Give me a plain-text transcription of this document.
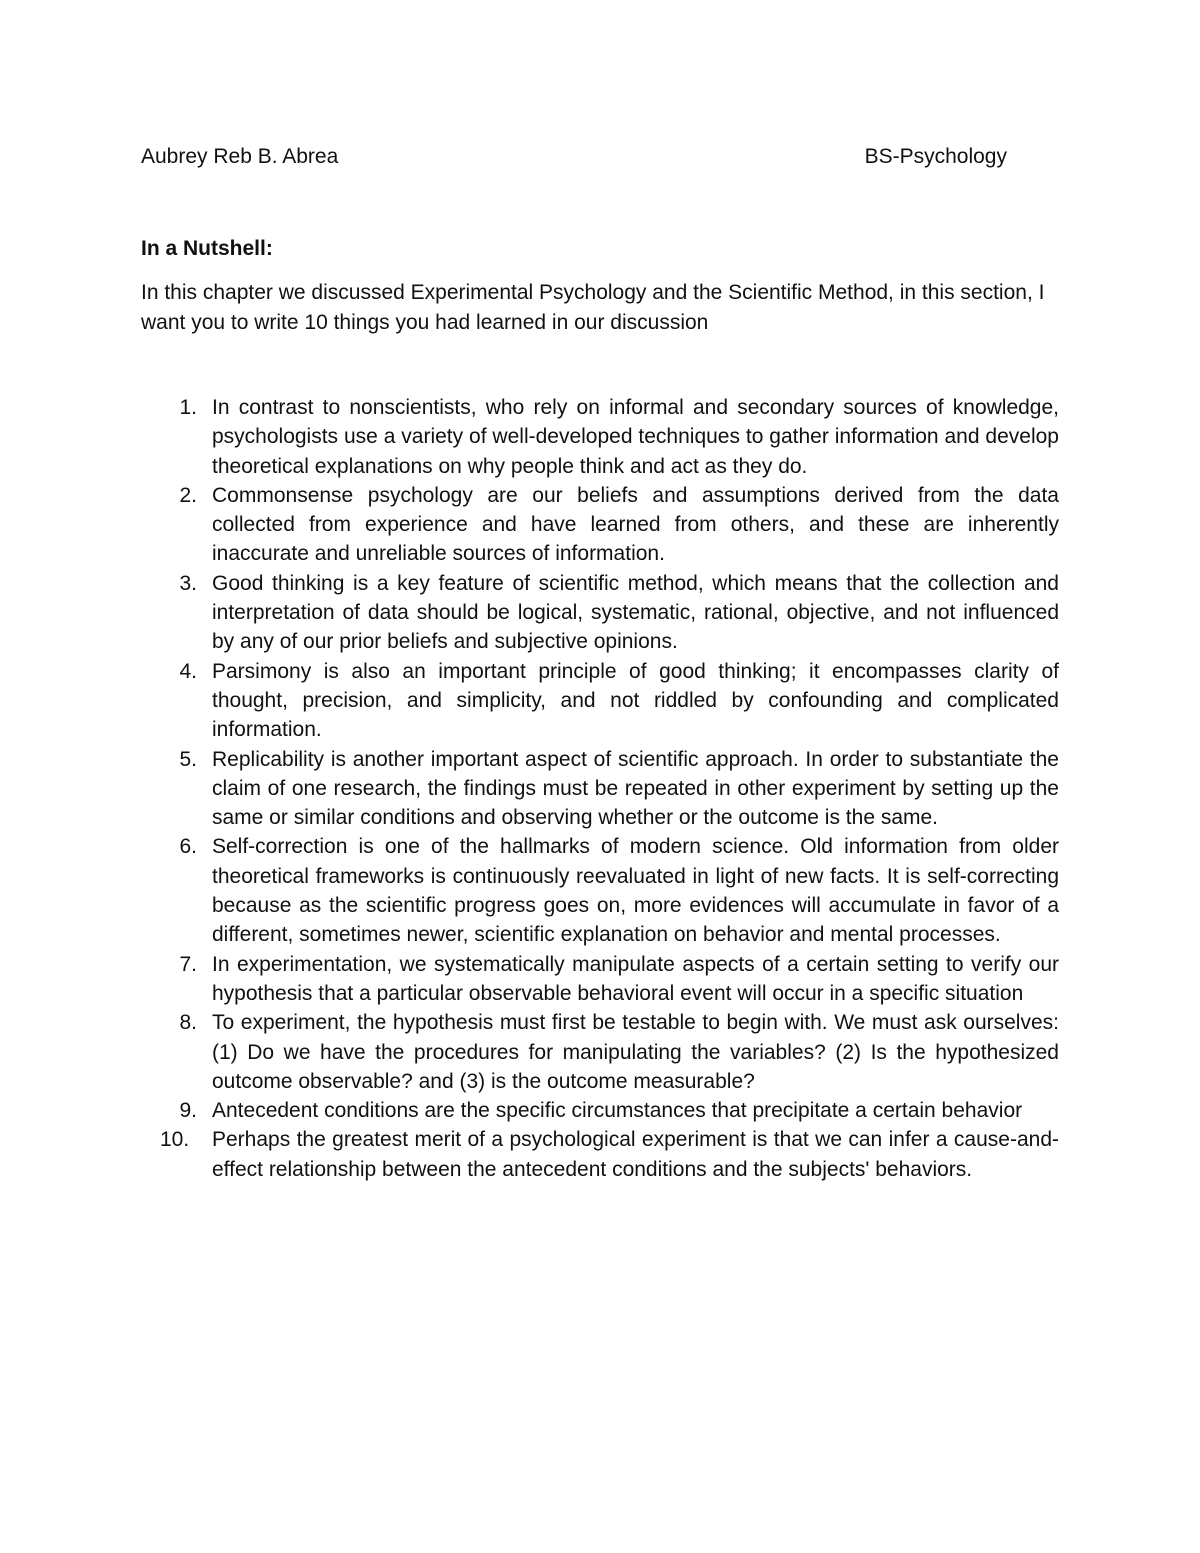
Aubrey Reb B. Abrea	BS-Psychology
In a Nutshell:

In this chapter we discussed Experimental Psychology and the Scientific Method, in this section, I want you to write 10 things you had learned in our discussion

1. In contrast to nonscientists, who rely on informal and secondary sources of knowledge, psychologists use a variety of well-developed techniques to gather information and develop theoretical explanations on why people think and act as they do.
2. Commonsense psychology are our beliefs and assumptions derived from the data collected from experience and have learned from others, and these are inherently inaccurate and unreliable sources of information.
3. Good thinking is a key feature of scientific method, which means that the collection and interpretation of data should be logical, systematic, rational, objective, and not influenced by any of our prior beliefs and subjective opinions.
4. Parsimony is also an important principle of good thinking; it encompasses clarity of thought, precision, and simplicity, and not riddled by confounding and complicated information.
5. Replicability is another important aspect of scientific approach. In order to substantiate the claim of one research, the findings must be repeated in other experiment by setting up the same or similar conditions and observing whether or the outcome is the same.
6. Self-correction is one of the hallmarks of modern science. Old information from older theoretical frameworks is continuously reevaluated in light of new facts. It is self-correcting because as the scientific progress goes on, more evidences will accumulate in favor of a different, sometimes newer, scientific explanation on behavior and mental processes.
7. In experimentation, we systematically manipulate aspects of a certain setting to verify our hypothesis that a particular observable behavioral event will occur in a specific situation
8. To experiment, the hypothesis must first be testable to begin with. We must ask ourselves: (1) Do we have the procedures for manipulating the variables? (2) Is the hypothesized outcome observable? and (3) is the outcome measurable?
9. Antecedent conditions are the specific circumstances that precipitate a certain behavior
10.	Perhaps the greatest merit of a psychological experiment is that we can infer a cause-and-effect relationship between the antecedent conditions and the subjects' behaviors.
